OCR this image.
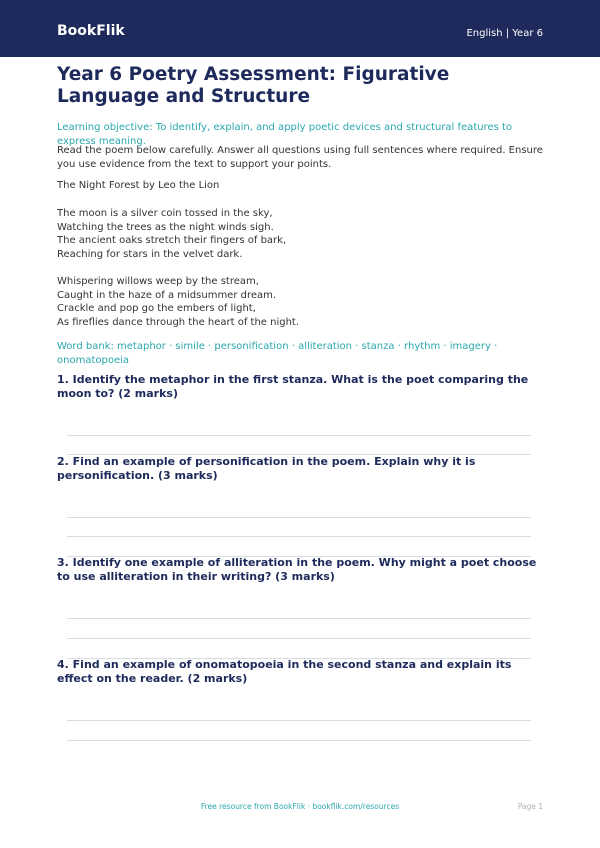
BookFlik	English | Year 6
Year 6 Poetry Assessment: Figurative Language and Structure
Learning objective: To identify, explain, and apply poetic devices and structural features to express meaning.
Read the poem below carefully. Answer all questions using full sentences where required. Ensure you use evidence from the text to support your points.
The Night Forest by Leo the Lion
The moon is a silver coin tossed in the sky,
Watching the trees as the night winds sigh.
The ancient oaks stretch their fingers of bark,
Reaching for stars in the velvet dark.
Whispering willows weep by the stream,
Caught in the haze of a midsummer dream.
Crackle and pop go the embers of light,
As fireflies dance through the heart of the night.
Word bank: metaphor · simile · personification · alliteration · stanza · rhythm · imagery · onomatopoeia
1. Identify the metaphor in the first stanza. What is the poet comparing the moon to? (2 marks)
2. Find an example of personification in the poem. Explain why it is personification. (3 marks)
3. Identify one example of alliteration in the poem. Why might a poet choose to use alliteration in their writing? (3 marks)
4. Find an example of onomatopoeia in the second stanza and explain its effect on the reader. (2 marks)
Free resource from BookFlik · bookflik.com/resources	Page 1
